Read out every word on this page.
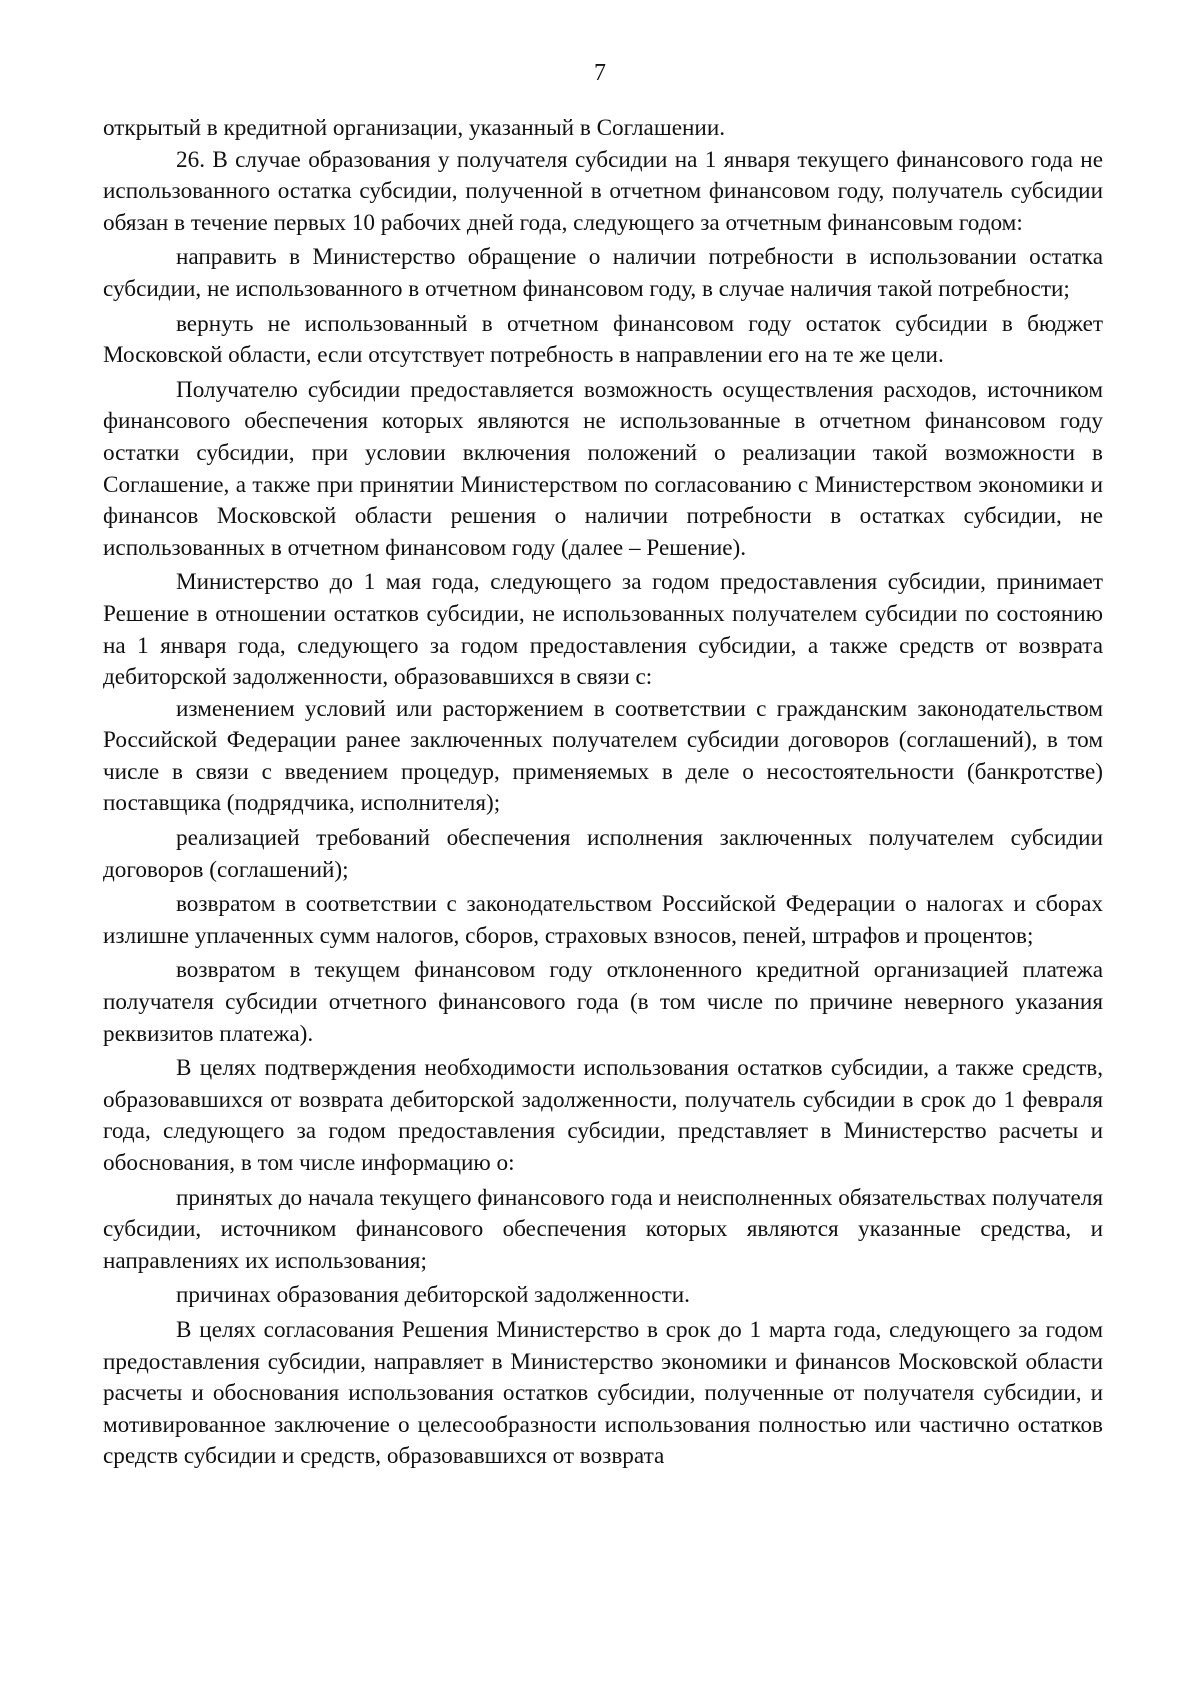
7

открытый в кредитной организации, указанный в Соглашении.

26. В случае образования у получателя субсидии на 1 января текущего финансового года не использованного остатка субсидии, полученной в отчетном финансовом году, получатель субсидии обязан в течение первых 10 рабочих дней года, следующего за отчетным финансовым годом:

направить в Министерство обращение о наличии потребности в использовании остатка субсидии, не использованного в отчетном финансовом году, в случае наличия такой потребности;

вернуть не использованный в отчетном финансовом году остаток субсидии в бюджет Московской области, если отсутствует потребность в направлении его на те же цели.

Получателю субсидии предоставляется возможность осуществления расходов, источником финансового обеспечения которых являются не использованные в отчетном финансовом году остатки субсидии, при условии включения положений о реализации такой возможности в Соглашение, а также при принятии Министерством по согласованию с Министерством экономики и финансов Московской области решения о наличии потребности в остатках субсидии, не использованных в отчетном финансовом году (далее – Решение).

Министерство до 1 мая года, следующего за годом предоставления субсидии, принимает Решение в отношении остатков субсидии, не использованных получателем субсидии по состоянию на 1 января года, следующего за годом предоставления субсидии, а также средств от возврата дебиторской задолженности, образовавшихся в связи с:

изменением условий или расторжением в соответствии с гражданским законодательством Российской Федерации ранее заключенных получателем субсидии договоров (соглашений), в том числе в связи с введением процедур, применяемых в деле о несостоятельности (банкротстве) поставщика (подрядчика, исполнителя);

реализацией требований обеспечения исполнения заключенных получателем субсидии договоров (соглашений);

возвратом в соответствии с законодательством Российской Федерации о налогах и сборах излишне уплаченных сумм налогов, сборов, страховых взносов, пеней, штрафов и процентов;

возвратом в текущем финансовом году отклоненного кредитной организацией платежа получателя субсидии отчетного финансового года (в том числе по причине неверного указания реквизитов платежа).

В целях подтверждения необходимости использования остатков субсидии, а также средств, образовавшихся от возврата дебиторской задолженности, получатель субсидии в срок до 1 февраля года, следующего за годом предоставления субсидии, представляет в Министерство расчеты и обоснования, в том числе информацию о:

принятых до начала текущего финансового года и неисполненных обязательствах получателя субсидии, источником финансового обеспечения которых являются указанные средства, и направлениях их использования;

причинах образования дебиторской задолженности.

В целях согласования Решения Министерство в срок до 1 марта года, следующего за годом предоставления субсидии, направляет в Министерство экономики и финансов Московской области расчеты и обоснования использования остатков субсидии, полученные от получателя субсидии, и мотивированное заключение о целесообразности использования полностью или частично остатков средств субсидии и средств, образовавшихся от возврата
